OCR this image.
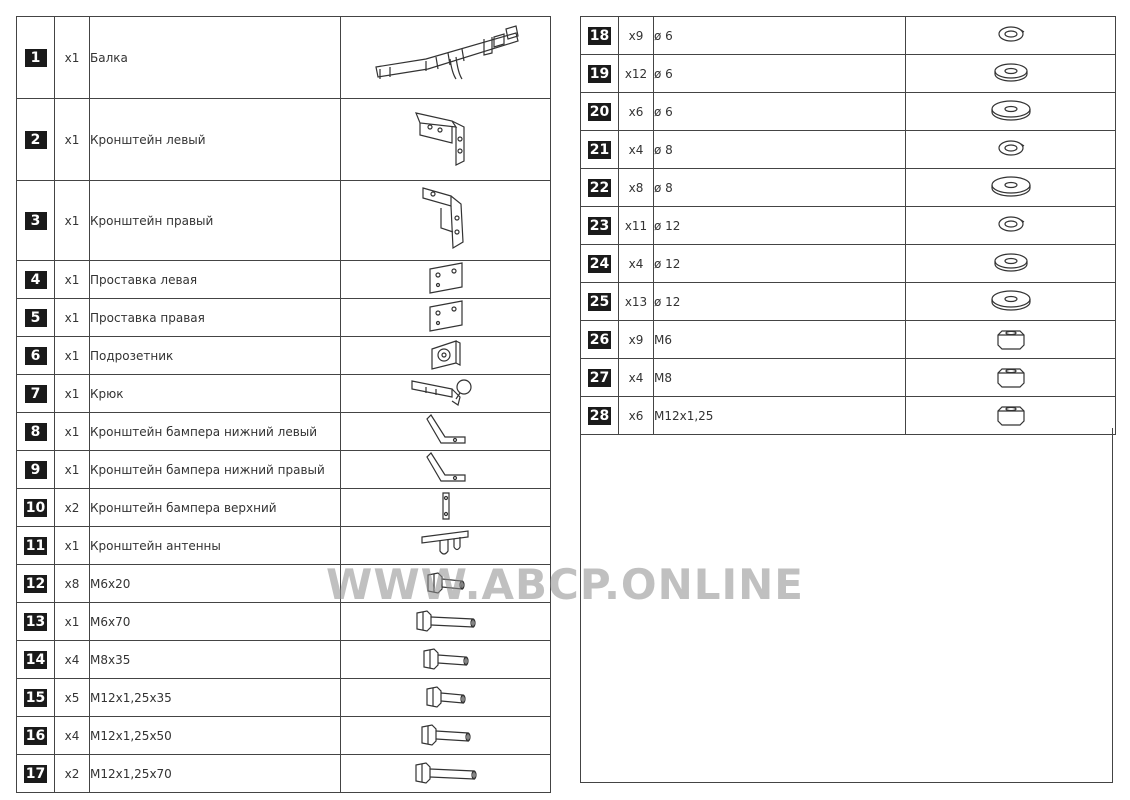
1	x1	Балка	

2	x1	Кронштейн левый	

3	x1	Кронштейн правый	

4	x1	Проставка левая	

5	x1	Проставка правая	

6	x1	Подрозетник	

7	x1	Крюк	

8	x1	Кронштейн бампера нижний левый	

9	x1	Кронштейн бампера нижний правый	

10	x2	Кронштейн бампера верхний	

11	x1	Кронштейн антенны	

12	x8	М6х20	

13	x1	М6х70	

14	x4	М8х35	

15	x5	М12х1,25х35	

16	x4	М12х1,25х50	

17	x2	М12х1,25х70	
18	x9	ø 6	

19	x12	ø 6	

20	x6	ø 6	

21	x4	ø 8	

22	x8	ø 8	

23	x11	ø 12	

24	x4	ø 12	

25	x13	ø 12	

26	x9	М6	

27	x4	М8	

28	x6	М12х1,25	
WWW.ABCP.ONLINE
